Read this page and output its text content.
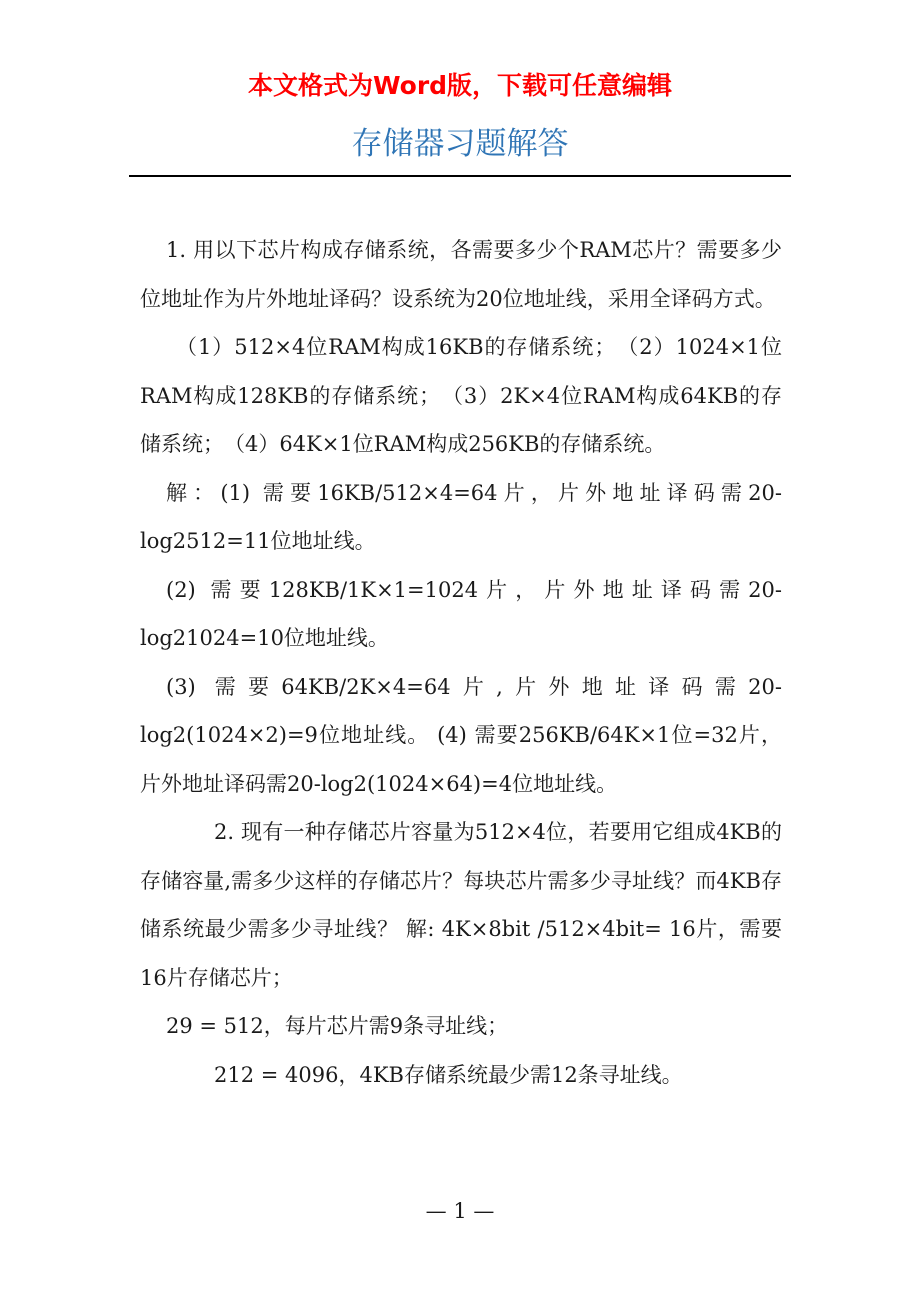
本文格式为Word版，下载可任意编辑
存储器习题解答

1. 用以下芯片构成存储系统，各需要多少个RAM芯片？需要多少位地址作为片外地址译码？设系统为20位地址线，采用全译码方式。

（1）512×4位RAM构成16KB的存储系统；　（2）1024×1位RAM构成128KB的存储系统；　（3）2K×4位RAM构成64KB的存储系统；　（4）64K×1位RAM构成256KB的存储系统。

解：(1) 需要16KB/512×4=64片，片外地址译码需20-log2512=11位地址线。

(2) 需要128KB/1K×1=1024片，片外地址译码需20-log21024=10位地址线。

(3) 需要64KB/2K×4=64片,片外地址译码需20-log2(1024×2)=9位地址线。 (4) 需要256KB/64K×1位=32片，片外地址译码需20-log2(1024×64)=4位地址线。

2. 现有一种存储芯片容量为512×4位，若要用它组成4KB的存储容量,需多少这样的存储芯片？每块芯片需多少寻址线？而4KB存储系统最少需多少寻址线？ 解: 4K×8bit /512×4bit= 16片，需要16片存储芯片；

29 = 512，每片芯片需9条寻址线；

212 = 4096，4KB存储系统最少需12条寻址线。

— 1 —
